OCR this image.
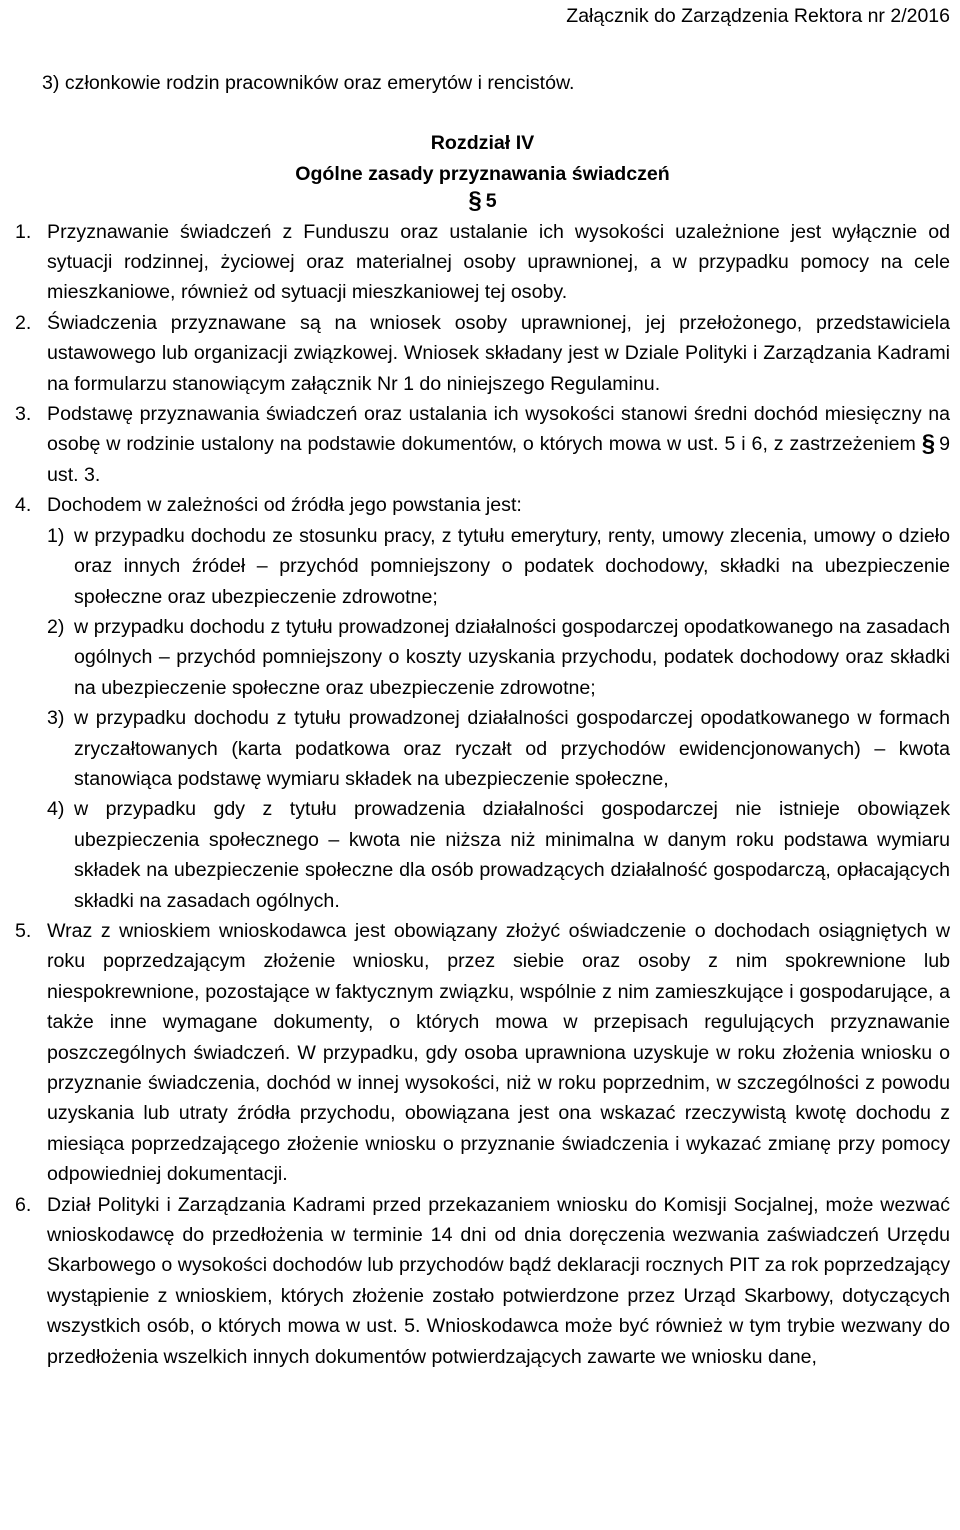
Załącznik do Zarządzenia Rektora nr 2/2016

3) członkowie rodzin pracowników oraz emerytów i rencistów.

Rozdział IV

Ogólne zasady przyznawania świadczeń

§ 5

1. Przyznawanie świadczeń z Funduszu oraz ustalanie ich wysokości uzależnione jest wyłącznie od sytuacji rodzinnej, życiowej oraz materialnej osoby uprawnionej, a w przypadku pomocy na cele mieszkaniowe, również od sytuacji mieszkaniowej tej osoby.
2. Świadczenia przyznawane są na wniosek osoby uprawnionej, jej przełożonego, przedstawiciela ustawowego lub organizacji związkowej. Wniosek składany jest w Dziale Polityki i Zarządzania Kadrami na formularzu stanowiącym załącznik Nr 1 do niniejszego Regulaminu.
3. Podstawę przyznawania świadczeń oraz ustalania ich wysokości stanowi średni dochód miesięczny na osobę w rodzinie ustalony na podstawie dokumentów, o których mowa w ust. 5 i 6, z zastrzeżeniem § 9 ust. 3.
4. Dochodem w zależności od źródła jego powstania jest:

1) w przypadku dochodu ze stosunku pracy, z tytułu emerytury, renty, umowy zlecenia, umowy o dzieło oraz innych źródeł – przychód pomniejszony o podatek dochodowy, składki na ubezpieczenie społeczne oraz ubezpieczenie zdrowotne;
2) w przypadku dochodu z tytułu prowadzonej działalności gospodarczej opodatkowanego na zasadach ogólnych – przychód pomniejszony o koszty uzyskania przychodu, podatek dochodowy oraz składki na ubezpieczenie społeczne oraz ubezpieczenie zdrowotne;
3) w przypadku dochodu z tytułu prowadzonej działalności gospodarczej opodatkowanego w formach zryczałtowanych (karta podatkowa oraz ryczałt od przychodów ewidencjonowanych) – kwota stanowiąca podstawę wymiaru składek na ubezpieczenie społeczne,
4) w przypadku gdy z tytułu prowadzenia działalności gospodarczej nie istnieje obowiązek ubezpieczenia społecznego – kwota nie niższa niż minimalna w danym roku podstawa wymiaru składek na ubezpieczenie społeczne dla osób prowadzących działalność gospodarczą, opłacających składki na zasadach ogólnych.
5. Wraz z wnioskiem wnioskodawca jest obowiązany złożyć oświadczenie o dochodach osiągniętych w roku poprzedzającym złożenie wniosku, przez siebie oraz osoby z nim spokrewnione lub niespokrewnione, pozostające w faktycznym związku, wspólnie z nim zamieszkujące i gospodarujące, a także inne wymagane dokumenty, o których mowa w przepisach regulujących przyznawanie poszczególnych świadczeń. W przypadku, gdy osoba uprawniona uzyskuje w roku złożenia wniosku o przyznanie świadczenia, dochód w innej wysokości, niż w roku poprzednim, w szczególności z powodu uzyskania lub utraty źródła przychodu, obowiązana jest ona wskazać rzeczywistą kwotę dochodu z miesiąca poprzedzającego złożenie wniosku o przyznanie świadczenia i wykazać zmianę przy pomocy odpowiedniej dokumentacji.
6. Dział Polityki i Zarządzania Kadrami przed przekazaniem wniosku do Komisji Socjalnej, może wezwać wnioskodawcę do przedłożenia w terminie 14 dni od dnia doręczenia wezwania zaświadczeń Urzędu Skarbowego o wysokości dochodów lub przychodów bądź deklaracji rocznych PIT za rok poprzedzający wystąpienie z wnioskiem, których złożenie zostało potwierdzone przez Urząd Skarbowy, dotyczących wszystkich osób, o których mowa w ust. 5. Wnioskodawca może być również w tym trybie wezwany do przedłożenia wszelkich innych dokumentów potwierdzających zawarte we wniosku dane,
